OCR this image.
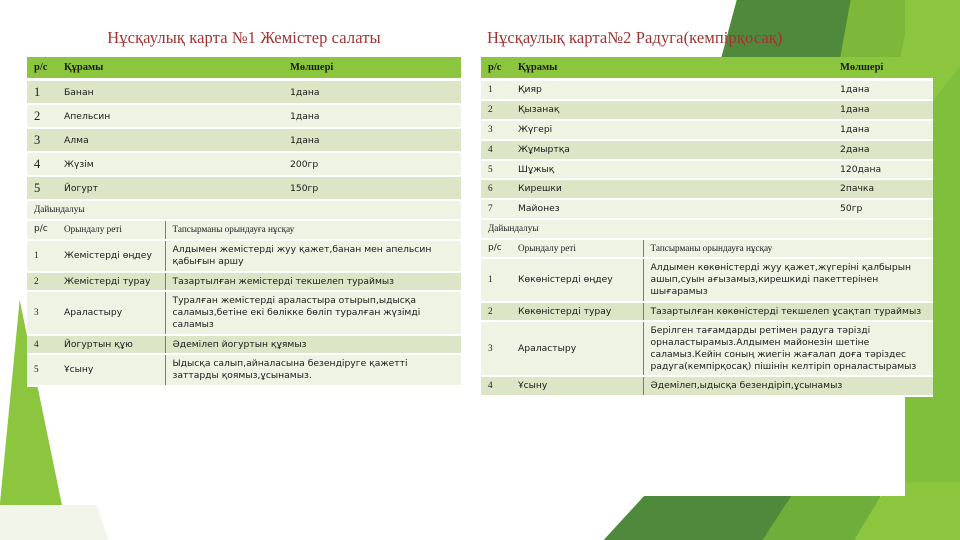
Нұсқаулық карта №1 Жемістер салаты
р/с	Құрамы	Мөлшері
1	Банан	1дана
2	Апельсин	1дана
3	Алма	1дана
4	Жүзім	200гр
5	Йогурт	150гр
Дайындалуы		
р/с	Орындалу реті	Тапсырманы орындауға нұсқау
1	Жемістерді өңдеу	Алдымен жемістерді жуу қажет,банан мен апельсин қабығын аршу
2	Жемістерді турау	Тазартылған жемістерді текшелеп тураймыз
3	Араластыру	Туралған жемістерді араластыра отырып,ыдысқа саламыз,бетіне екі бөлікке бөліп туралған жүзімді саламыз
4	Йогуртын құю	Әдемілеп йогуртын құямыз
5	Ұсыну	Ыдысқа салып,айналасына безендіруге қажетті заттарды қоямыз,ұсынамыз.
Нұсқаулық карта№2 Радуга(кемпірқосақ)
р/с	Құрамы	Мөлшері
1	Қияр	1дана
2	Қызанақ	1дана
3	Жүгері	1дана
4	Жұмыртқа	2дана
5	Шұжық	120дана
6	Кирешки	2пачка
7	Майонез	50гр
Дайындалуы		
р/с	Орындалу реті	Тапсырманы орындауға нұсқау
1	Көкөністерді өңдеу	Алдымен көкөністерді жуу қажет,жүгеріні қалбырын ашып,суын ағызамыз,кирешкиді пакеттерінен шығарамыз
2	Көкөністерді турау	Тазартылған көкөністерді текшелеп ұсақтап тураймыз
3	Араластыру	Берілген тағамдарды ретімен радуга тәрізді орналастырамыз.Алдымен майонезін шетіне саламыз.Кейін соның жиегін жағалап доға тәріздес радуга(кемпірқосақ) пішінін келтіріп орналастырамыз
4	Ұсыну	Әдемілеп,ыдысқа безендіріп,ұсынамыз
